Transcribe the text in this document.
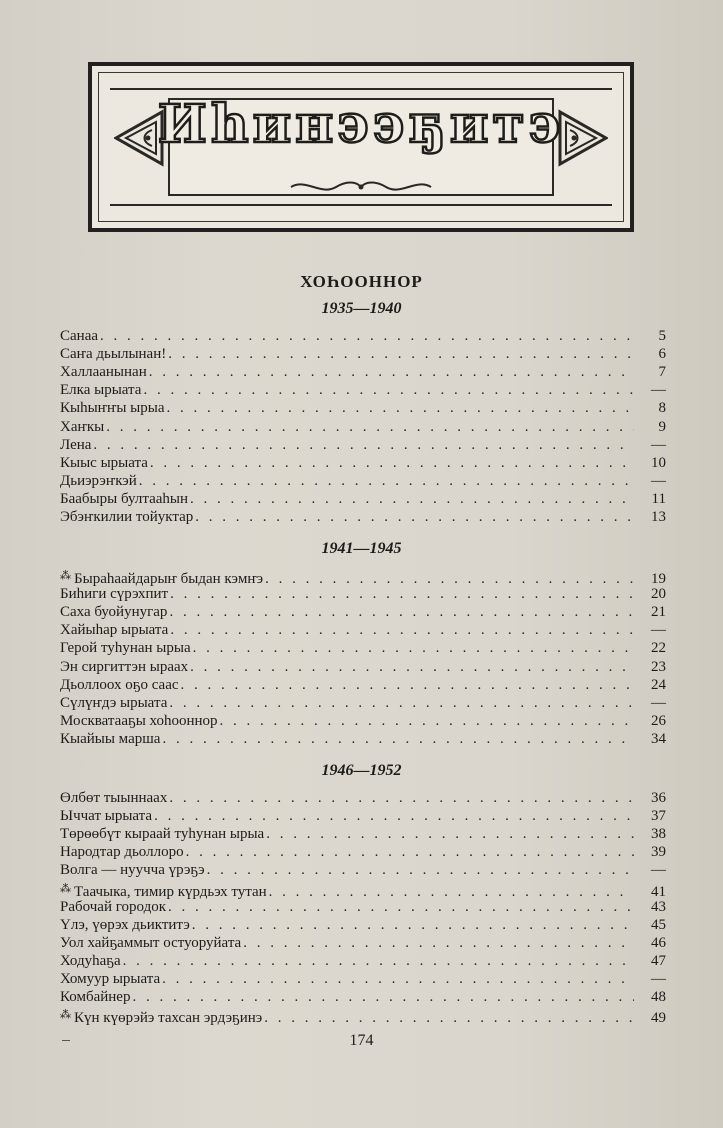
Иһинээҕитэ
ХОҺООННОР
1935—1940
Санаа . . .	5
Саҥа дьылынан! . . .	6
Халлаанынан . . .	7
Елка ырыата . . .	—
Кыһыҥҥы ырыа . . .	8
Хаҥкы . . .	9
Лена . . .	—
Кыыс ырыата . . .	10
Дьиэрэҥкэй . . .	—
Баабыры бултааһын . . .	11
Эбэҥкилии тойуктар . . .	13
1941—1945
⁂ Быраһаайдарыҥ быдан кэмҥэ . . .	19
Биһиги сүрэхпит . . .	20
Саха буойунугар . . .	21
Хайыһар ырыата . . .	—
Герой туһунан ырыа . . .	22
Эн сиргиттэн ыраах . . .	23
Дьоллоох оҕо саас . . .	24
Сүлүҥдэ ырыата . . .	—
Москватааҕы хоһооннор . . .	26
Кыайыы марша . . .	34
1946—1952
Өлбөт тыыннаах . . .	36
Ыччат ырыата . . .	37
Төрөөбүт кыраай туһунан ырыа . . .	38
Народтар дьоллоро . . .	39
Волга — нуучча үрэҕэ . . .	—
⁂ Таачыка, тимир күрдьэх тутан . . .	41
Рабочай городок . . .	43
Үлэ, үөрэх дьиктитэ . . .	45
Уол хайҕаммыт остуоруйата . . .	46
Ходуһаҕа . . .	47
Хомуур ырыата . . .	—
Комбайнер . . .	48
⁂ Күн күөрэйэ тахсан эрдэҕинэ . . .	49
174
